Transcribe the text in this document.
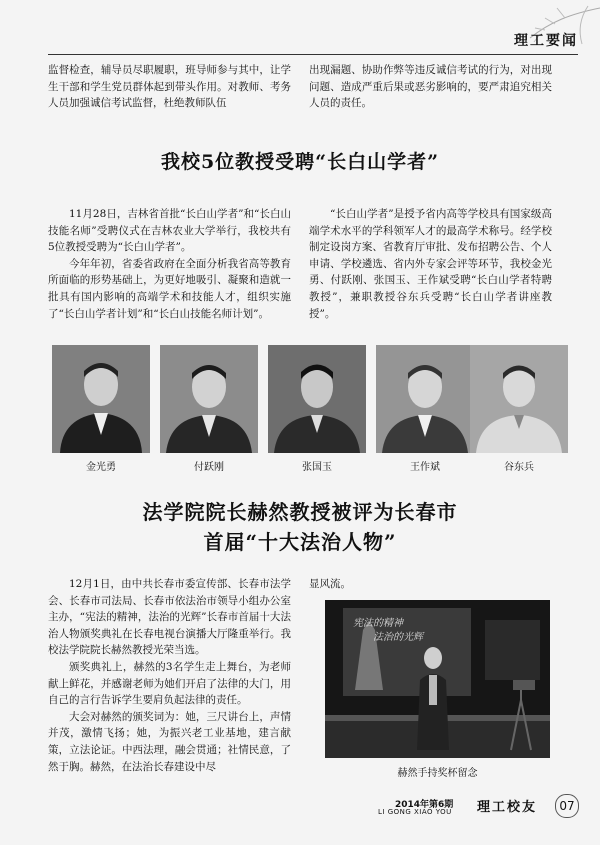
理工要闻

监督检查，辅导员尽职履职，班导师参与其中，让学生干部和学生党员群体起到带头作用。对教师、考务人员加强诚信考试监督，杜绝教师队伍

出现漏题、协助作弊等违反诚信考试的行为，对出现问题、造成严重后果或恶劣影响的，要严肃追究相关人员的责任。

我校5位教授受聘“长白山学者”

11月28日，吉林省首批“长白山学者”和“长白山技能名师”受聘仪式在吉林农业大学举行，我校共有5位教授受聘为“长白山学者”。

今年年初，省委省政府在全面分析我省高等教育所面临的形势基础上，为更好地吸引、凝聚和造就一批具有国内影响的高端学术和技能人才，组织实施了“长白山学者计划”和“长白山技能名师计划”。

“长白山学者”是授予省内高等学校具有国家级高端学术水平的学科领军人才的最高学术称号。经学校制定设岗方案、省教育厅审批、发布招聘公告、个人申请、学校遴选、省内外专家会评等环节，我校金光勇、付跃刚、张国玉、王作斌受聘“长白山学者特聘教授”，兼职教授谷东兵受聘“长白山学者讲座教授”。

金光勇	付跃刚	张国玉	王作斌	谷东兵
法学院院长赫然教授被评为长春市
首届“十大法治人物”

12月1日，由中共长春市委宣传部、长春市法学会、长春市司法局、长春市依法治市领导小组办公室主办，“宪法的精神，法治的光辉”长春市首届十大法治人物颁奖典礼在长春电视台演播大厅隆重举行。我校法学院院长赫然教授光荣当选。

颁奖典礼上，赫然的3名学生走上舞台，为老师献上鲜花，并感谢老师为她们开启了法律的大门，用自己的言行告诉学生要肩负起法律的责任。

大会对赫然的颁奖词为：她，三尺讲台上，声情并茂，激情飞扬；她，为振兴老工业基地，建言献策，立法论证。中西法理，融会贯通；社情民意，了然于胸。赫然，在法治长春建设中尽

显风流。

宪法的精神
法治的光辉
赫然手持奖杯留念
2014年第6期
LI GONG XIAO YOU 理工校友	07
